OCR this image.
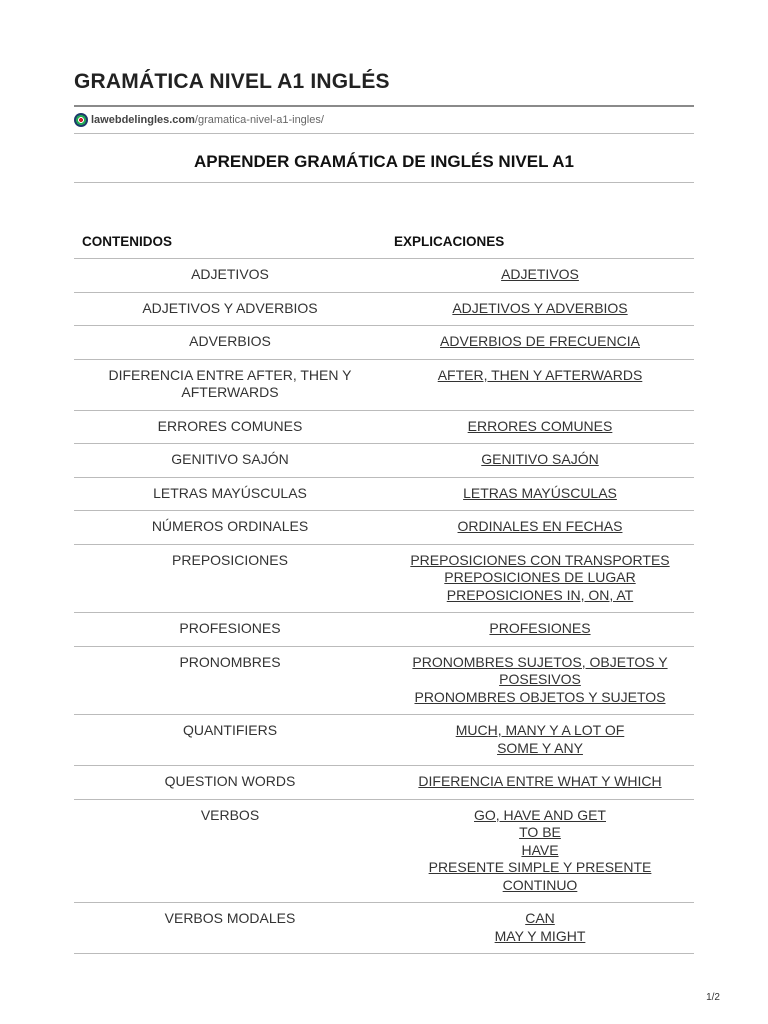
GRAMÁTICA NIVEL A1 INGLÉS
lawebdelingles.com /gramatica-nivel-a1-ingles/
APRENDER GRAMÁTICA DE INGLÉS NIVEL A1
CONTENIDOS	EXPLICACIONES
ADJETIVOS	ADJETIVOS

ADJETIVOS Y ADVERBIOS	ADJETIVOS Y ADVERBIOS

ADVERBIOS	ADVERBIOS DE FRECUENCIA

DIFERENCIA ENTRE AFTER, THEN Y AFTERWARDS	AFTER, THEN Y AFTERWARDS

ERRORES COMUNES	ERRORES COMUNES

GENITIVO SAJÓN	GENITIVO SAJÓN

LETRAS MAYÚSCULAS	LETRAS MAYÚSCULAS

NÚMEROS ORDINALES	ORDINALES EN FECHAS

PREPOSICIONES	PREPOSICIONES CON TRANSPORTES
PREPOSICIONES DE LUGAR
PREPOSICIONES IN, ON, AT

PROFESIONES	PROFESIONES

PRONOMBRES	PRONOMBRES SUJETOS, OBJETOS Y POSESIVOS
PRONOMBRES OBJETOS Y SUJETOS

QUANTIFIERS	MUCH, MANY Y A LOT OF
SOME Y ANY

QUESTION WORDS	DIFERENCIA ENTRE WHAT Y WHICH

VERBOS	GO, HAVE AND GET
TO BE
HAVE
PRESENTE SIMPLE Y PRESENTE CONTINUO

VERBOS MODALES	CAN
MAY Y MIGHT
1/2
